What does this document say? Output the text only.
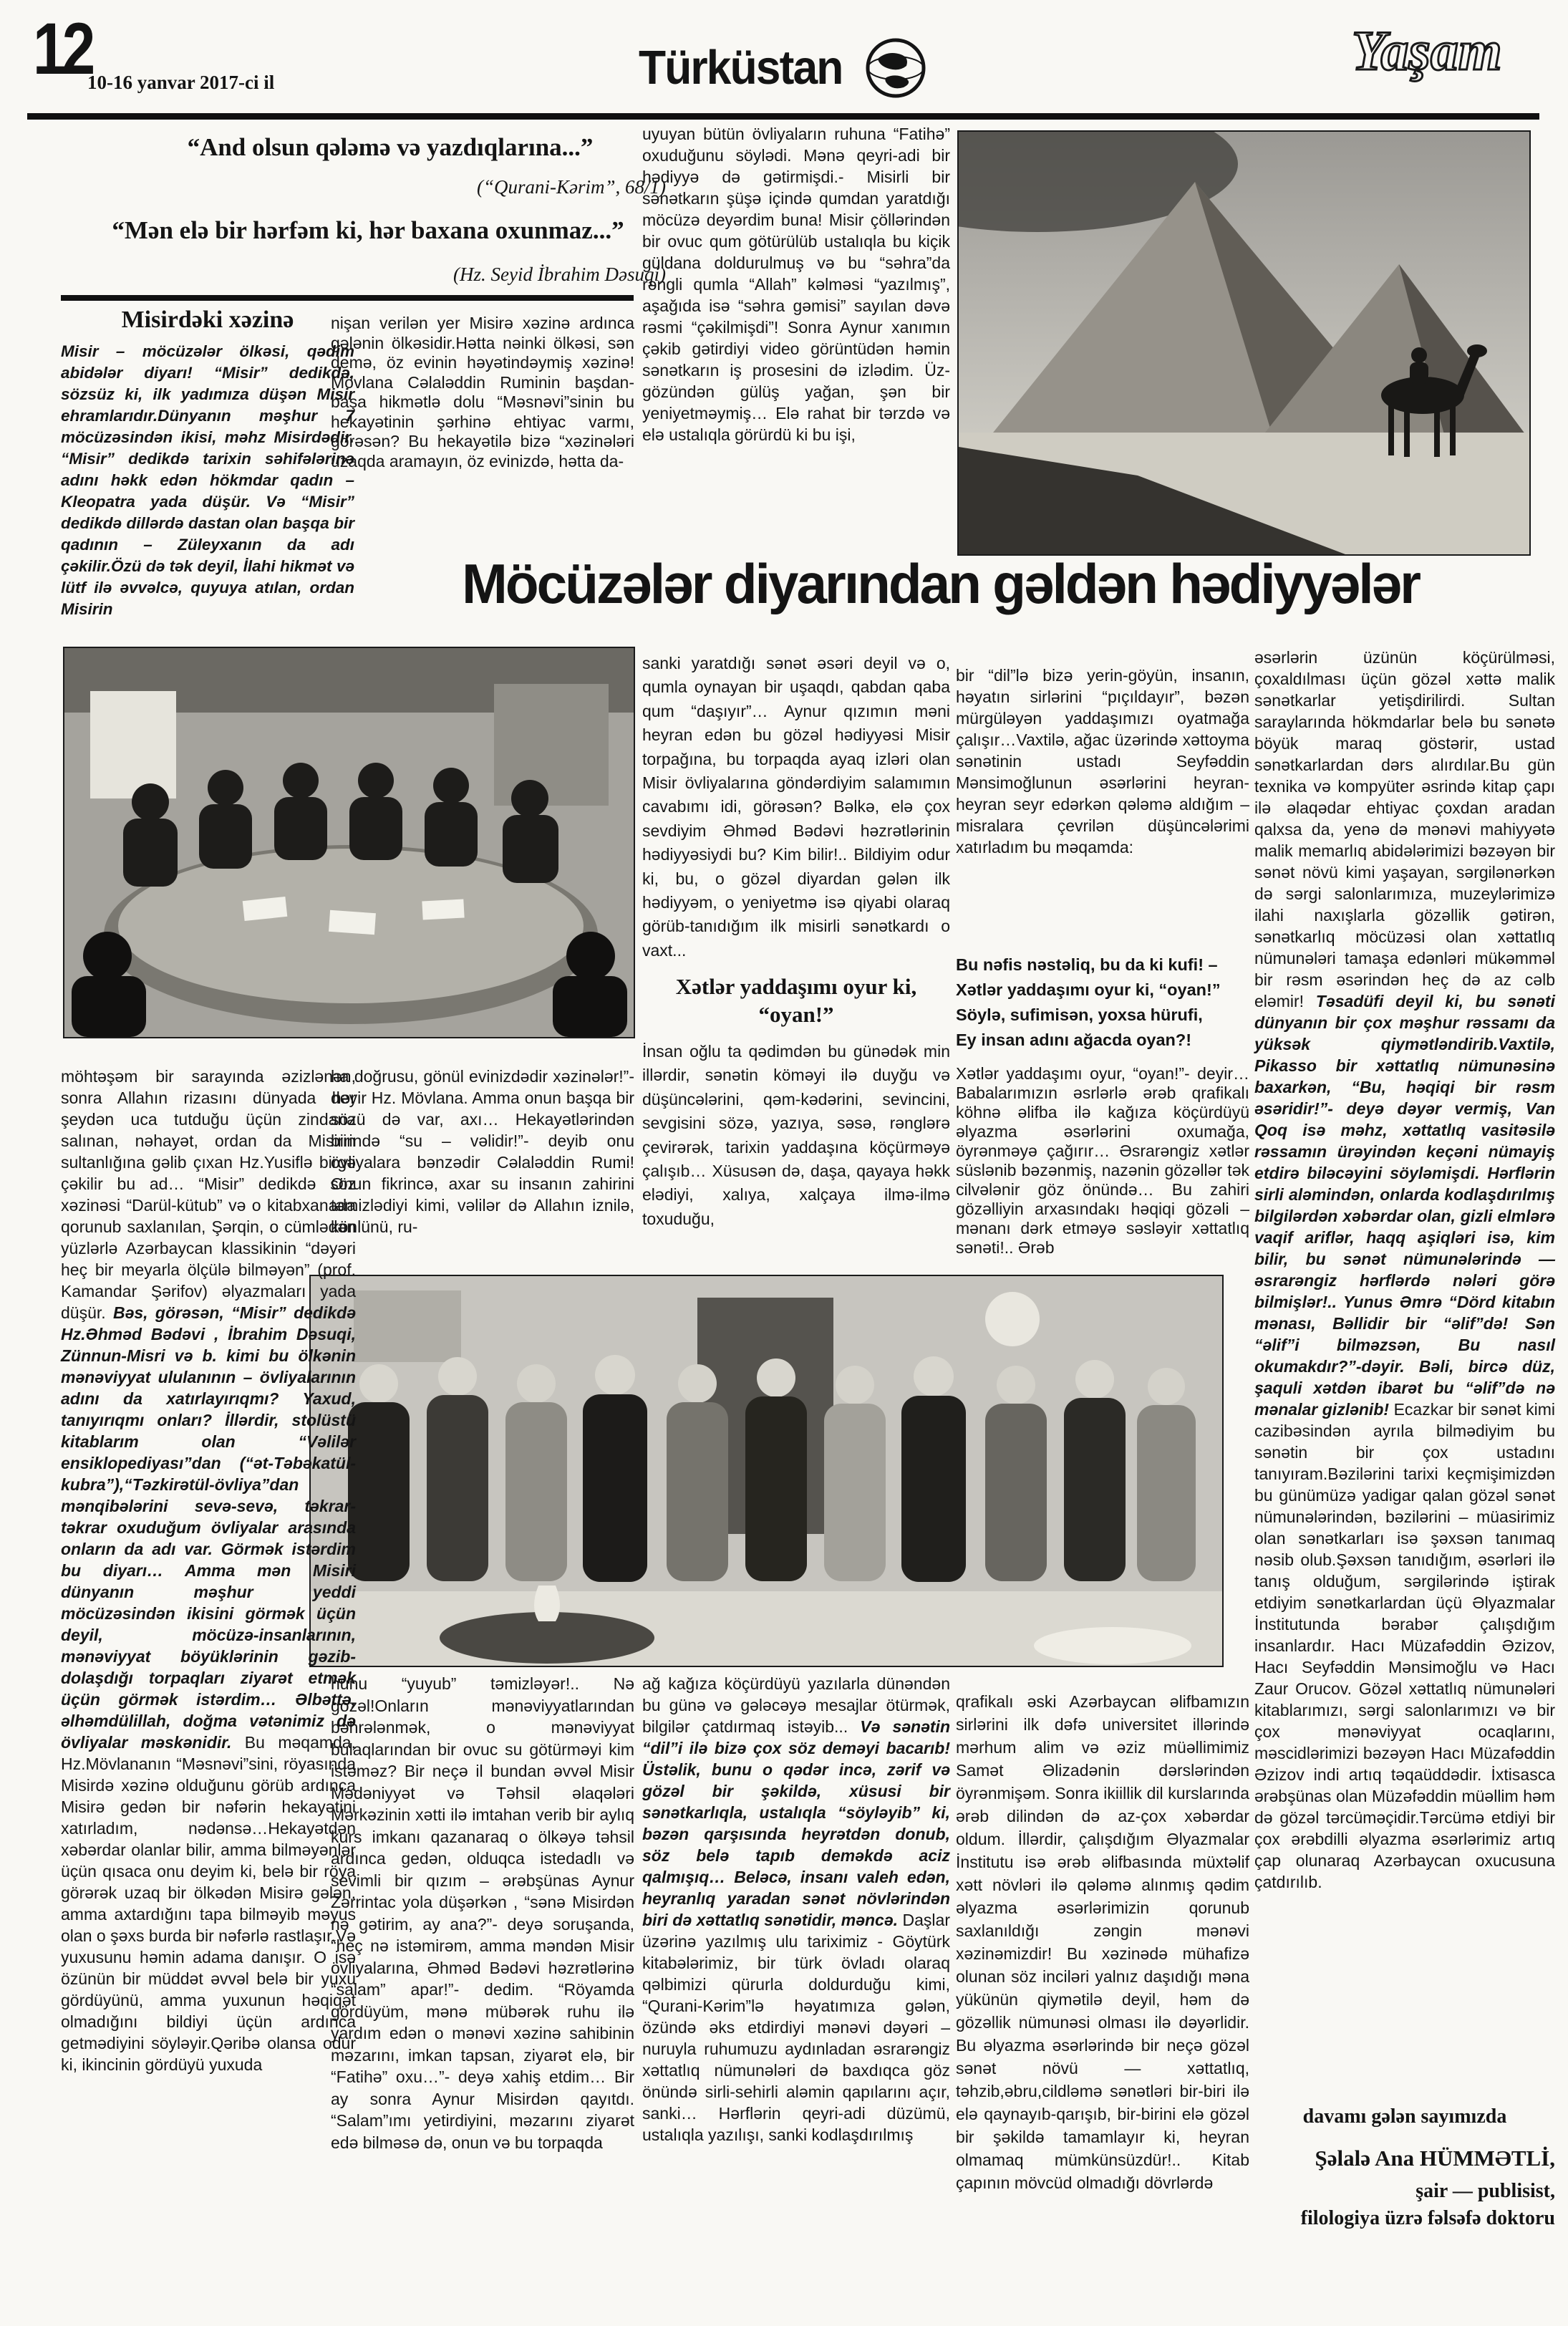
12
10-16 yanvar 2017-ci il	Türküstan	Yaşam
“And olsun qələmə və yazdıqlarına...”
(“Qurani-Kərim”, 68/1)
“Mən elə bir hərfəm ki, hər baxana oxunmaz...”
(Hz. Seyid İbrahim Dəsuqi)
Misirdəki xəzinə

Misir – möcüzələr ölkəsi, qədim abidələr diyarı! “Misir” dedikdə, sözsüz ki, ilk yadımıza düşən Misir ehramlarıdır.Dünyanın məşhur 7 möcüzəsindən ikisi, məhz Misirdədir. “Misir” dedikdə tarixin səhifələrinə adını həkk edən hökmdar qadın – Kleopatra yada düşür. Və “Misir” dedikdə dillərdə dastan olan başqa bir qadının – Züleyxanın da adı çəkilir.Özü də tək deyil, İlahi hikmət və lütf ilə əvvəlcə, quyuya atılan, ordan Misirin

nişan verilən yer Misirə xəzinə ardınca gələnin ölkəsidir.Hətta nəinki ölkəsi, sən demə, öz evinin həyətindəymiş xəzinə! Mövlana Cəlaləddin Ruminin başdan-başa hikmətlə dolu “Məsnəvi”sinin bu hekayətinin şərhinə ehtiyac varmı, görəsən? Bu hekayətilə bizə “xəzinələri uzaqda aramayın, öz evinizdə, hətta da-

uyuyan bütün övliyaların ruhuna “Fatihə” oxuduğunu söylədi. Mənə qeyri-adi bir hədiyyə də gətirmişdi.- Misirli bir sənətkarın şüşə içində qumdan yaratdığı möcüzə deyərdim buna! Misir çöllərindən bir ovuc qum götürülüb ustalıqla bu kiçik güldana doldurulmuş və bu “səhra”da rəngli qumla “Allah” kəlməsi “yazılmış”, aşağıda isə “səhra gəmisi” sayılan dəvə rəsmi “çəkilmişdi”! Sonra Aynur xanımın çəkib gətirdiyi video görüntüdən həmin sənətkarın iş prosesini də izlədim. Üz-gözündən gülüş yağan, şən bir yeniyetməymiş… Elə rahat bir tərzdə və elə ustalıqla görürdü ki bu işi,

Möcüzələr diyarından gəldən hədiyyələr

sanki yaratdığı sənət əsəri deyil və o, qumla oynayan bir uşaqdı, qabdan qaba qum “daşıyır”… Aynur qızımın məni heyran edən bu gözəl hədiyyəsi Misir torpağına, bu torpaqda ayaq izləri olan Misir övliyalarına göndərdiyim salamımın cavabımı idi, görəsən? Bəlkə, elə çox sevdiyim Əhməd Bədəvi həzrətlərinin hədiyyəsiydi bu? Kim bilir!.. Bildiyim odur ki, bu, o gözəl diyardan gələn ilk hədiyyəm, o yeniyetmə isə qiyabi olaraq görüb-tanıdığım ilk misirli sənətkardı o vaxt...

Xətlər yaddaşımı oyur ki, “oyan!”

İnsan oğlu ta qədimdən bu günədək min illərdir, sənətin köməyi ilə duyğu və düşüncələrini, qəm-kədərini, sevincini, sevgisini sözə, yazıya, səsə, rənglərə çevirərək, tarixin yaddaşına köçürməyə çalışıb… Xüsusən də, daşa, qayaya həkk elədiyi, xalıya, xalçaya ilmə-ilmə toxuduğu,

bir “dil”lə bizə yerin-göyün, insanın, həyatın sirlərini “pıçıldayır”, bəzən mürgüləyən yaddaşımızı oyatmağa çalışır…Vaxtilə, ağac üzərində xəttoyma sənətinin ustadı Seyfəddin Mənsimoğlunun əsərlərini heyran- heyran seyr edərkən qələmə aldığım – misralara çevrilən düşüncələrimi xatırladım bu məqamda:

Bu nəfis nəstəliq, bu da ki kufi! –

Xətlər yaddaşımı oyur ki, “oyan!”

Söylə, sufimisən, yoxsa hürufi,

Ey insan adını ağacda oyan?!

Xətlər yaddaşımı oyur, “oyan!”- deyir… Babalarımızın əsrlərlə ərəb qrafikalı köhnə əlifba ilə kağıza köçürdüyü əlyazma əsərlərini oxumağa, öyrənməyə çağırır… Əsrarəngiz xətlər süslənib bəzənmiş, nazənin gözəllər tək cilvələnir göz önündə… Bu zahiri gözəlliyin arxasındakı həqiqi gözəli – mənanı dərk etməyə səsləyir xəttatlıq sənəti!.. Ərəb

qrafikalı əski Azərbaycan əlifbamızın sirlərini ilk dəfə universitet illərində mərhum alim və əziz müəllimimiz Samət Əlizadənin dərslərindən öyrənmişəm. Sonra ikiillik dil kurslarında ərəb dilindən də az-çox xəbərdar oldum. İllərdir, çalışdığım Əlyazmalar İnstitutu isə ərəb əlifbasında müxtəlif xətt növləri ilə qələmə alınmış qədim əlyazma əsərlərimizin qorunub saxlanıldığı zəngin mənəvi xəzinəmizdir! Bu xəzinədə mühafizə olunan söz inciləri yalnız daşıdığı məna yükünün qiymətilə deyil, həm də gözəllik nümunəsi olması ilə dəyərlidir. Bu əlyazma əsərlərində bir neçə gözəl sənət növü — xəttatlıq, təhzib,əbru,cildləmə sənətləri bir-biri ilə elə qaynayıb-qarışıb, bir-birini elə gözəl bir şəkildə tamamlayır ki, heyran olmamaq mümkünsüzdür!.. Kitab çapının mövcüd olmadığı dövrlərdə

əsərlərin üzünün köçürülməsi, çoxaldılması üçün gözəl xəttə malik sənətkarlar yetişdirilirdi. Sultan saraylarında hökmdarlar belə bu sənətə böyük maraq göstərir, ustad sənətkarlardan dərs alırdılar.Bu gün texnika və kompyüter əsrində kitap çapı ilə əlaqədar ehtiyac çoxdan aradan qalxsa da, yenə də mənəvi mahiyyətə malik memarlıq abidələrimizi bəzəyən bir sənət növü kimi yaşayan, sərgilənərkən də sərgi salonlarımıza, muzeylərimizə ilahi naxışlarla gözəllik gətirən, sənətkarlıq möcüzəsi olan xəttatlıq nümunələri tamaşa edənləri mükəmməl bir rəsm əsərindən heç də az cəlb eləmir! Təsadüfi deyil ki, bu sənəti dünyanın bir çox məşhur rəssamı da yüksək qiymətləndirib.Vaxtilə, Pikasso bir xəttatlıq nümunəsinə baxarkən, “Bu, həqiqi bir rəsm əsəridir!”- deyə dəyər vermiş, Van Qoq isə məhz, xəttatlıq vasitəsilə rəssamın ürəyindən keçəni nümayiş etdirə biləcəyini söyləmişdi. Hərflərin sirli aləmindən, onlarda kodlaşdırılmış bilgilərdən xəbərdar olan, gizli elmlərə vaqif ariflər, haqq aşiqləri isə, kim bilir, bu sənət nümunələrində — əsrarəngiz hərflərdə nələri görə bilmişlər!.. Yunus Əmrə “Dörd kitabın mənası, Bəllidir bir “əlif”də! Sən “əlif”i bilməzsən, Bu nasıl okumakdır?”-dəyir. Bəli, bircə düz, şaquli xətdən ibarət bu “əlif”də nə mənalar gizlənib! Ecazkar bir sənət kimi cazibəsindən ayrıla bilmədiyim bu sənətin bir çox ustadını tanıyıram.Bəzilərini tarixi keçmişimizdən bu günümüzə yadigar qalan gözəl sənət nümunələrindən, bəzilərini – müasirimiz olan sənətkarları isə şəxsən tanımaq nəsib olub.Şəxsən tanıdığım, əsərləri ilə tanış olduğum, sərgilərində iştirak etdiyim sənətkarlardan üçü Əlyazmalar İnstitutunda bərabər çalışdığım insanlardır. Hacı Müzafəddin Əzizov, Hacı Seyfəddin Mənsimoğlu və Hacı Zaur Orucov. Gözəl xəttatlıq nümunələri kitablarımızı, sərgi salonlarımızı və bir çox mənəviyyat ocaqlarını, məscidlərimizi bəzəyən Hacı Müzafəddin Əzizov indi artıq təqaüddədir. İxtisasca ərəbşünas olan Müzəfəddin müəllim həm də gözəl tərcüməçidir.Tərcümə etdiyi bir çox ərəbdilli əlyazma əsərlərimiz artıq çap olunaraq Azərbaycan oxucusuna çatdırılıb.
davamı gələn sayımızda
Şəlalə Ana HÜMMƏTLİ,
şair — publisist,
filologiya üzrə fəlsəfə doktoru
möhtəşəm bir sarayında əzizlənən, sonra Allahın rizasını dünyada hər şeydən uca tutduğu üçün zindana salınan, nəhayət, ordan da Misirin sultanlığına gəlib çıxan Hz.Yusiflə birgə çəkilir bu ad… “Misir” dedikdə söz xəzinəsi “Darül-kütub” və o kitabxanada qorunub saxlanılan, Şərqin, o cümlədən yüzlərlə Azərbaycan klassikinin “dəyəri heç bir meyarla ölçülə bilməyən” (prof. Kamandar Şərifov) əlyazmaları yada düşür. Bəs, görəsən, “Misir” dedikdə Hz.Əhməd Bədəvi , İbrahim Dəsuqi, Zünnun-Misri və b. kimi bu ölkənin mənəviyyat ululanının – övliyalarının adını da xatırlayırıqmı? Yaxud, tanıyırıqmı onları? İllərdir, stolüstü kitablarım olan “Vəlilər ensiklopediyası”dan (“ət-Təbəkatül-kubra”),“Təzkirətül-övliya”dan mənqibələrini sevə-sevə, təkrar-təkrar oxuduğum övliyalar arasında onların da adı var. Görmək istərdim bu diyarı… Amma mən Misiri dünyanın məşhur yeddi möcüzəsindən ikisini görmək üçün deyil, möcüzə-insanlarının, mənəviyyat böyüklərinin gəzib-dolaşdığı torpaqları ziyarət etmək üçün görmək istərdim… Əlbəttə, əlhəmdülillah, doğma vətənimiz də övliyalar məskənidir. Bu məqamda, Hz.Mövlananın “Məsnəvi”sini, röyasında Misirdə xəzinə olduğunu görüb ardınca Misirə gedən bir nəfərin hekayətini xatırladım, nədənsə…Hekayətdən xəbərdar olanlar bilir, amma bilməyənlər üçün qısaca onu deyim ki, belə bir röya görərək uzaq bir ölkədən Misirə gələn, amma axtardığını tapa bilməyib məyus olan o şəxs burda bir nəfərlə rastlaşır.Və yuxusunu həmin adama danışır. O isə özünün bir müddət əvvəl belə bir yuxu gördüyünü, amma yuxunun həqiqət olmadığını bildiyi üçün ardınca getmədiyini söyləyir.Qəribə olansa odur ki, ikincinin gördüyü yuxuda

ha doğrusu, gönül evinizdədir xəzinələr!”- deyir Hz. Mövlana. Amma onun başqa bir sözü də var, axı… Hekayətlərindən birində “su – vəlidir!”- deyib onu övliyalara bənzədir Cəlaləddin Rumi! Onun fikrincə, axar su insanın zahirini təmizlədiyi kimi, vəlilər də Allahın iznilə, könlünü, ru-

hunu “yuyub” təmizləyər!.. Nə gözəl!Onların mənəviyyatlarından bəhrələnmək, o mənəviyyat bulaqlarından bir ovuc su götürməyi kim istəməz? Bir neçə il bundan əvvəl Misir Mədəniyyət və Təhsil əlaqələri Mərkəzinin xətti ilə imtahan verib bir aylıq kurs imkanı qazanaraq o ölkəyə təhsil ardınca gedən, olduqca istedadlı və sevimli bir qızım – ərəbşünas Aynur Zərrintac yola düşərkən , “sənə Misirdən nə gətirim, ay ana?”- deyə soruşanda, “heç nə istəmirəm, amma məndən Misir övliyalarına, Əhməd Bədəvi həzrətlərinə “salam” apar!”- dedim. “Röyamda gördüyüm, mənə mübərək ruhu ilə yardım edən o mənəvi xəzinə sahibinin məzarını, imkan tapsan, ziyarət elə, bir “Fatihə” oxu…”- deyə xahiş etdim… Bir ay sonra Aynur Misirdən qayıtdı. “Salam”ımı yetirdiyini, məzarını ziyarət edə bilməsə də, onun və bu torpaqda

ağ kağıza köçürdüyü yazılarla dünəndən bu günə və gələcəyə mesajlar ötürmək, bilgilər çatdırmaq istəyib... Və sənətin “dil”i ilə bizə çox söz deməyi bacarıb! Üstəlik, bunu o qədər incə, zərif və gözəl bir şəkildə, xüsusi bir sənətkarlıqla, ustalıqla “söyləyib” ki, bəzən qarşısında heyrətdən donub, söz belə tapıb deməkdə aciz qalmışıq… Beləcə, insanı valeh edən, heyranlıq yaradan sənət növlərindən biri də xəttatlıq sənətidir, məncə. Daşlar üzərinə yazılmış ulu tariximiz - Göytürk kitabələrimiz, bir türk övladı olaraq qəlbimizi qürurla doldurduğu kimi, “Qurani-Kərim”lə həyatımıza gələn, özündə əks etdirdiyi mənəvi dəyəri – nuruyla ruhumuzu aydınladan əsrarəngiz xəttatlıq nümunələri də baxdıqca göz önündə sirli-sehirli aləmin qapılarını açır, sanki… Hərflərin qeyri-adi düzümü, ustalıqla yazılışı, sanki kodlaşdırılmış
